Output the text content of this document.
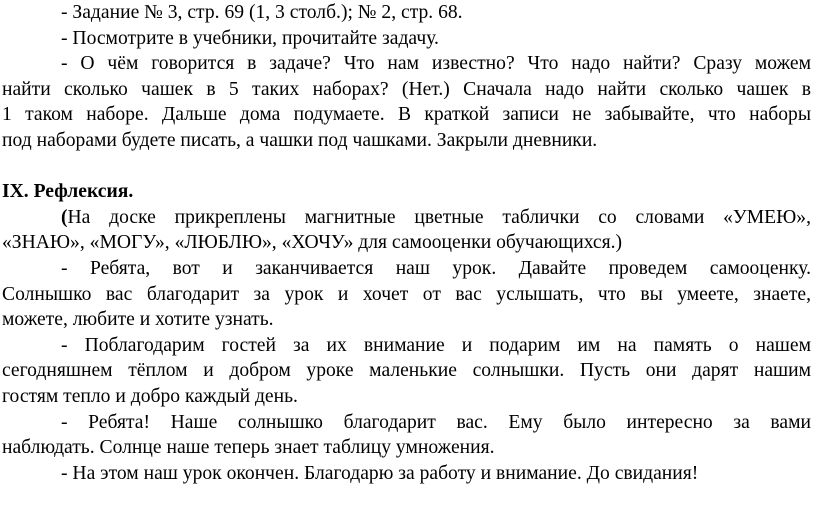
- Задание № 3, стр. 69 (1, 3 столб.); № 2, стр. 68.
- Посмотрите в учебники, прочитайте задачу.
- О чём говорится в задаче? Что нам известно? Что надо найти? Сразу можем
найти сколько чашек в 5 таких наборах? (Нет.) Сначала надо найти сколько чашек в
1 таком наборе. Дальше дома подумаете. В краткой записи не забывайте, что наборы
под наборами будете писать, а чашки под чашками. Закрыли дневники.
IX. Рефлексия.
(На доске прикреплены магнитные цветные таблички со словами «УМЕЮ»,
«ЗНАЮ», «МОГУ», «ЛЮБЛЮ», «ХОЧУ» для самооценки обучающихся.)
- Ребята, вот и заканчивается наш урок. Давайте проведем самооценку.
Солнышко вас благодарит за урок и хочет от вас услышать, что вы умеете, знаете,
можете, любите и хотите узнать.
- Поблагодарим гостей за их внимание и подарим им на память о нашем
сегодняшнем тёплом и добром уроке маленькие солнышки. Пусть они дарят нашим
гостям тепло и добро каждый день.
- Ребята! Наше солнышко благодарит вас. Ему было интересно за вами
наблюдать. Солнце наше теперь знает таблицу умножения.
- На этом наш урок окончен. Благодарю за работу и внимание. До свидания!
